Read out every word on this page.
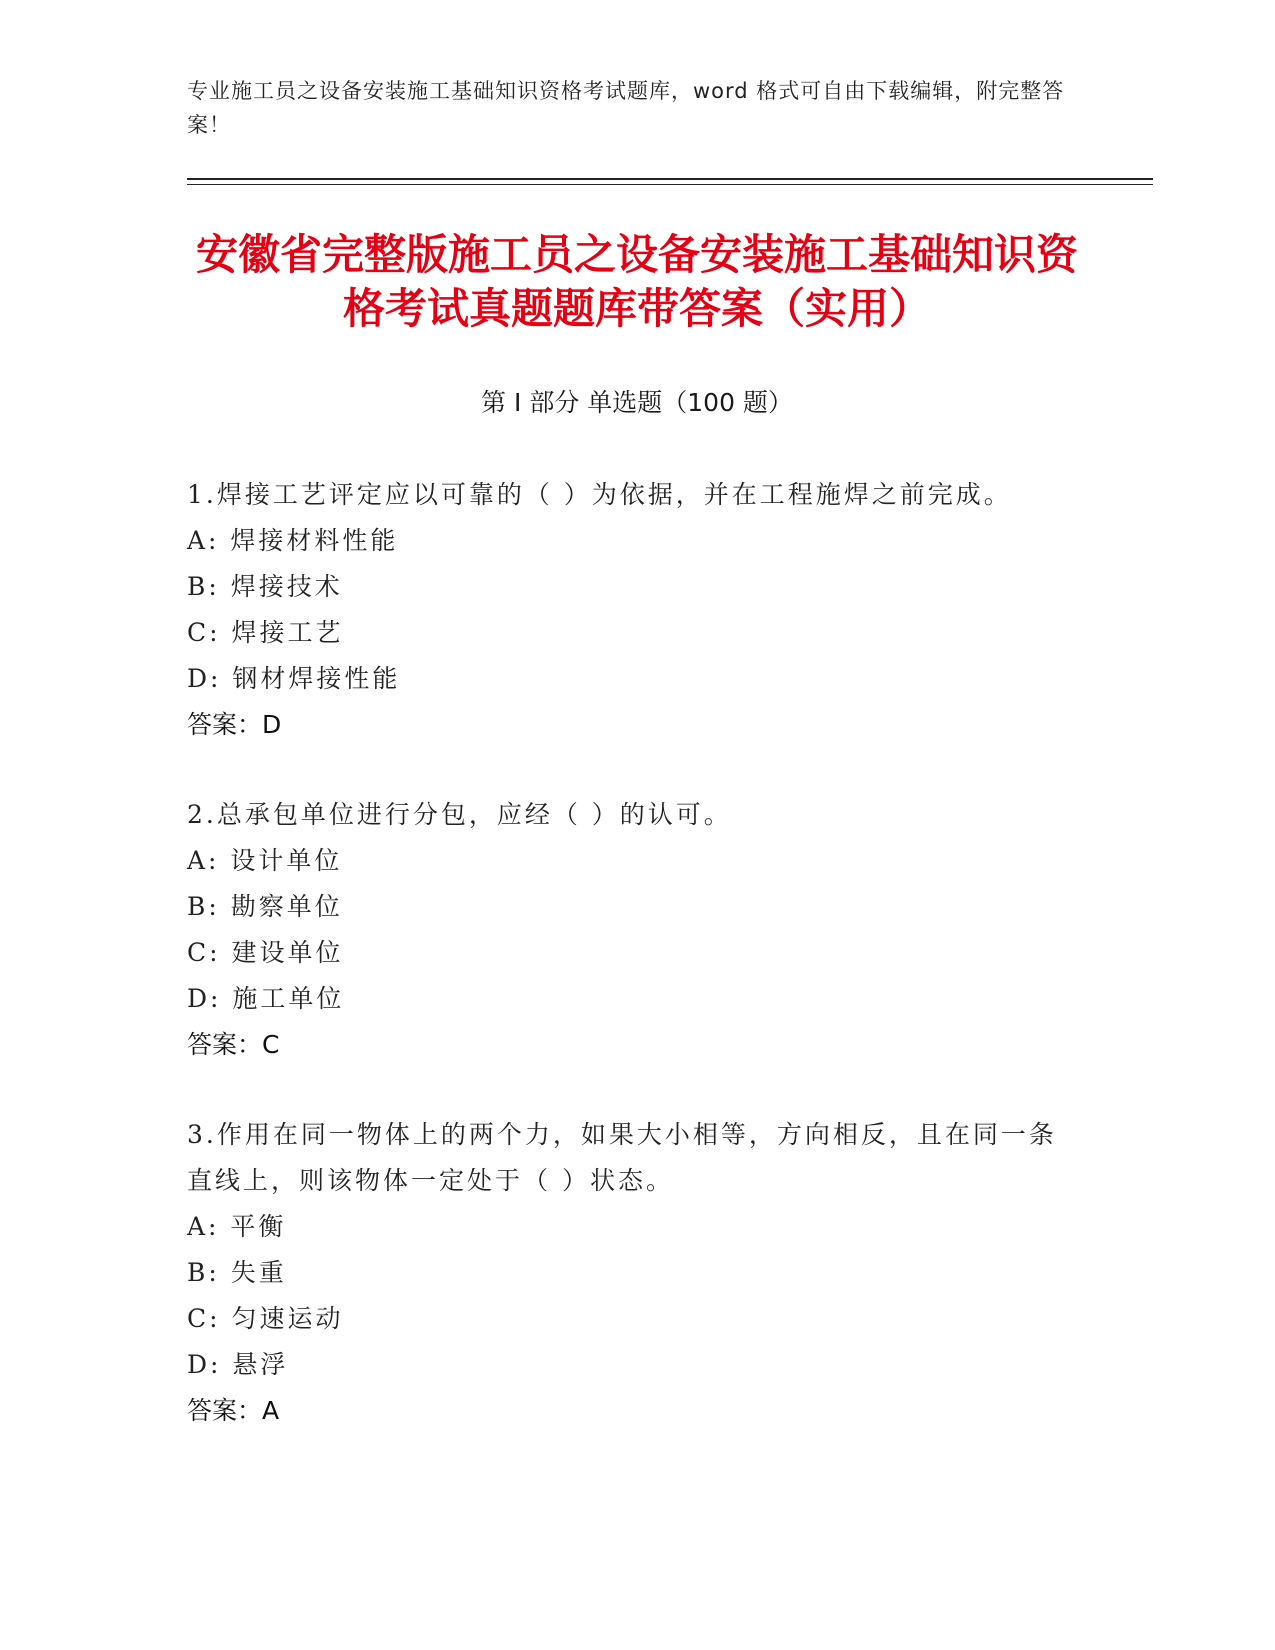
专业施工员之设备安装施工基础知识资格考试题库，word 格式可自由下载编辑，附完整答案！
安徽省完整版施工员之设备安装施工基础知识资格考试真题题库带答案（实用）
第 I 部分 单选题（100 题）
1.焊接工艺评定应以可靠的（ ）为依据，并在工程施焊之前完成。
A: 焊接材料性能
B: 焊接技术
C: 焊接工艺
D: 钢材焊接性能
答案：D
2.总承包单位进行分包，应经（ ）的认可。
A: 设计单位
B: 勘察单位
C: 建设单位
D: 施工单位
答案：C
3.作用在同一物体上的两个力，如果大小相等，方向相反，且在同一条直线上，则该物体一定处于（ ）状态。
A: 平衡
B: 失重
C: 匀速运动
D: 悬浮
答案：A
